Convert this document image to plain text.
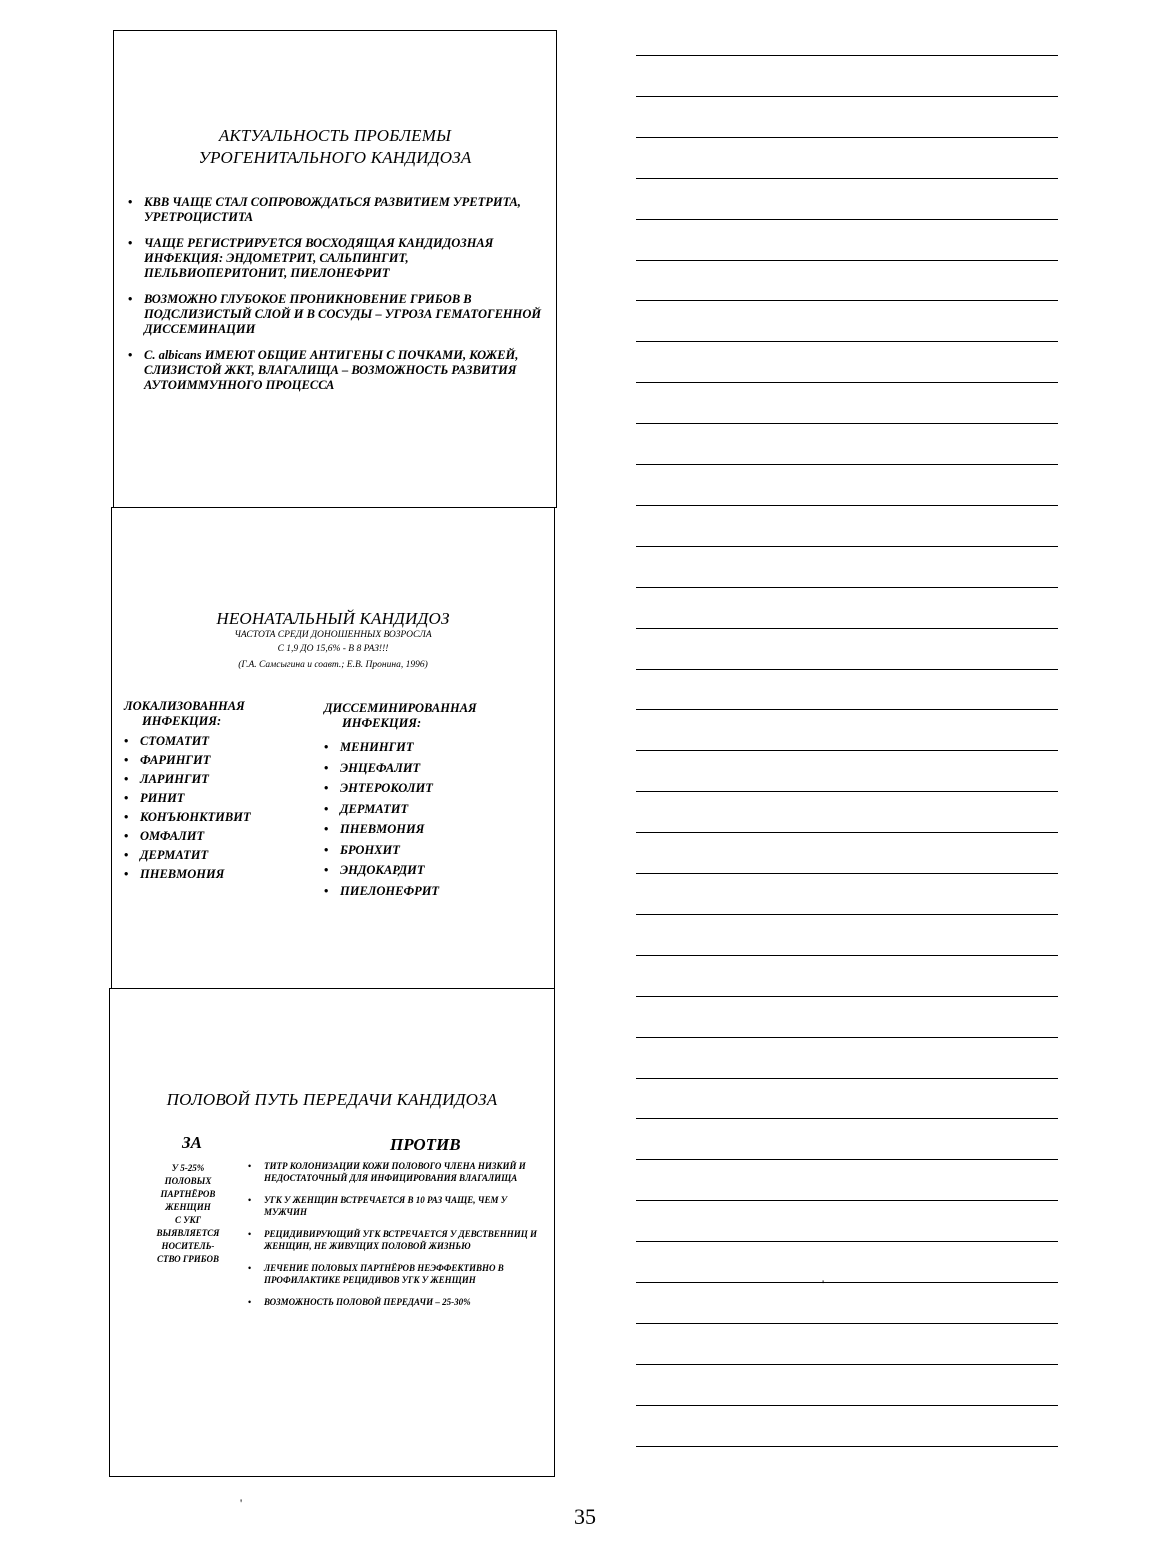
АКТУАЛЬНОСТЬ ПРОБЛЕМЫ
УРОГЕНИТАЛЬНОГО КАНДИДОЗА
• КВВ ЧАЩЕ СТАЛ СОПРОВОЖДАТЬСЯ РАЗВИТИЕМ УРЕТРИТА, УРЕТРОЦИСТИТА
• ЧАЩЕ РЕГИСТРИРУЕТСЯ ВОСХОДЯЩАЯ КАНДИДОЗНАЯ ИНФЕКЦИЯ: ЭНДОМЕТРИТ, САЛЬПИНГИТ, ПЕЛЬВИОПЕРИТОНИТ, ПИЕЛОНЕФРИТ
• ВОЗМОЖНО ГЛУБОКОЕ ПРОНИКНОВЕНИЕ ГРИБОВ В ПОДСЛИЗИСТЫЙ СЛОЙ И В СОСУДЫ – УГРОЗА ГЕМАТОГЕННОЙ ДИССЕМИНАЦИИ
• C. albicans ИМЕЮТ ОБЩИЕ АНТИГЕНЫ С ПОЧКАМИ, КОЖЕЙ, СЛИЗИСТОЙ ЖКТ, ВЛАГАЛИЩА – ВОЗМОЖНОСТЬ РАЗВИТИЯ АУТОИММУННОГО ПРОЦЕССА
НЕОНАТАЛЬНЫЙ КАНДИДОЗ
ЧАСТОТА СРЕДИ ДОНОШЕННЫХ ВОЗРОСЛА
С 1,9 ДО 15,6% - В 8 РАЗ!!!
(Г.А. Самсыгина и соавт.; Е.В. Пронина, 1996)
ЛОКАЛИЗОВАННАЯ
ИНФЕКЦИЯ:
ДИССЕМИНИРОВАННАЯ
ИНФЕКЦИЯ:
• СТОМАТИТ
• ФАРИНГИТ
• ЛАРИНГИТ
• РИНИТ
• КОНЪЮНКТИВИТ
• ОМФАЛИТ
• ДЕРМАТИТ
• ПНЕВМОНИЯ
• МЕНИНГИТ
• ЭНЦЕФАЛИТ
• ЭНТЕРОКОЛИТ
• ДЕРМАТИТ
• ПНЕВМОНИЯ
• БРОНХИТ
• ЭНДОКАРДИТ
• ПИЕЛОНЕФРИТ
ПОЛОВОЙ ПУТЬ ПЕРЕДАЧИ КАНДИДОЗА
ЗА	ПРОТИВ
У 5-25%
ПОЛОВЫХ
ПАРТНЁРОВ
ЖЕНЩИН
С УКГ
ВЫЯВЛЯЕТСЯ
НОСИТЕЛЬ-
СТВО ГРИБОВ
• ТИТР КОЛОНИЗАЦИИ КОЖИ ПОЛОВОГО ЧЛЕНА НИЗКИЙ И НЕДОСТАТОЧНЫЙ ДЛЯ ИНФИЦИРОВАНИЯ ВЛАГАЛИЩА
• УГК У ЖЕНЩИН ВСТРЕЧАЕТСЯ В 10 РАЗ ЧАЩЕ, ЧЕМ У МУЖЧИН
• РЕЦИДИВИРУЮЩИЙ УГК ВСТРЕЧАЕТСЯ У ДЕВСТВЕННИЦ И ЖЕНЩИН, НЕ ЖИВУЩИХ ПОЛОВОЙ ЖИЗНЬЮ
• ЛЕЧЕНИЕ ПОЛОВЫХ ПАРТНЁРОВ НЕЭФФЕКТИВНО В ПРОФИЛАКТИКЕ РЕЦИДИВОВ УГК У ЖЕНЩИН
• ВОЗМОЖНОСТЬ ПОЛОВОЙ ПЕРЕДАЧИ – 25-30%
'
'
35
